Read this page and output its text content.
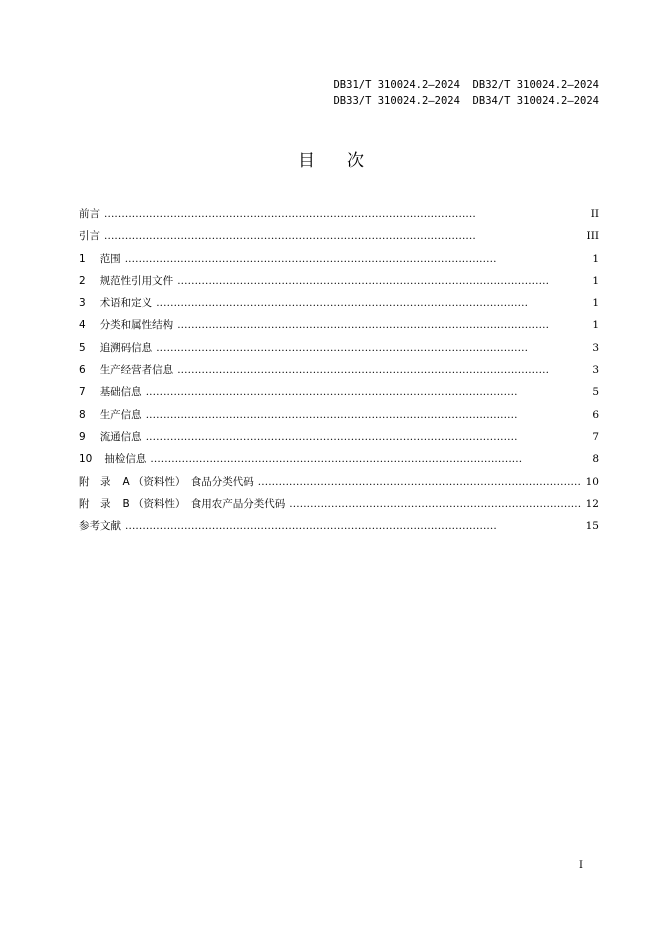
DB31/T 310024.2—2024  DB32/T 310024.2—2024
DB33/T 310024.2—2024  DB34/T 310024.2—2024
目 次
前言 . . .	II
引言 . . .	III
1 范围 . . .	1
2 规范性引用文件 . . .	1
3 术语和定义 . . .	1
4 分类和属性结构 . . .	1
5 追溯码信息 . . .	3
6 生产经营者信息 . . .	3
7 基础信息 . . .	5
8 生产信息 . . .	6
9 流通信息 . . .	7
10 抽检信息 . . .	8
附　录 A （资料性）　食品分类代码 . . .	10
附　录 B （资料性）　食用农产品分类代码 . . .	12
参考文献 . . .	15
I
